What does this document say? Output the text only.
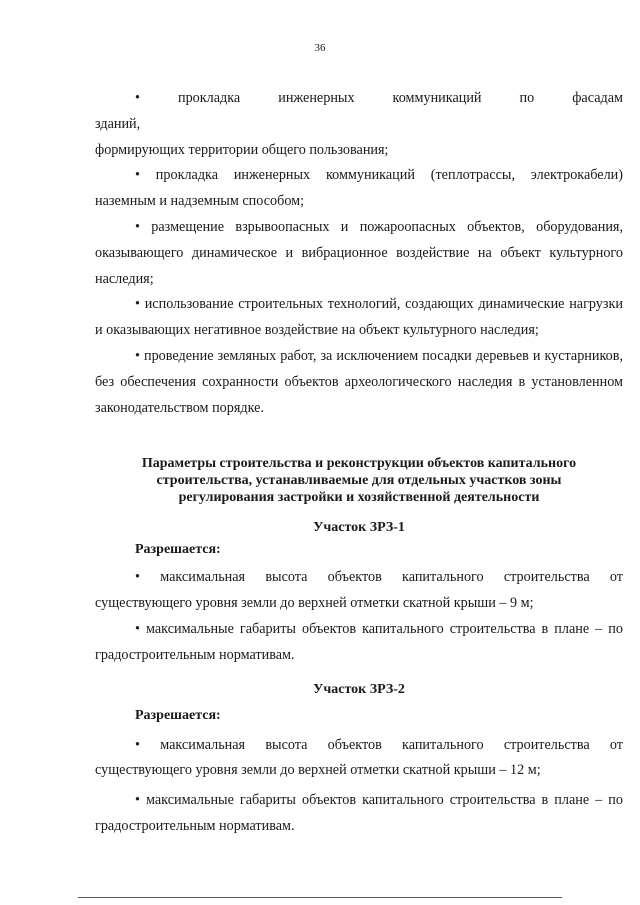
36

• прокладка инженерных коммуникаций по фасадам зданий,

формирующих территории общего пользования;

• прокладка инженерных коммуникаций (теплотрассы, электрокабели)

наземным и надземным способом;

• размещение взрывоопасных и пожароопасных объектов, оборудования, оказывающего динамическое и вибрационное воздействие на объект культурного наследия;

• использование строительных технологий, создающих динамические нагрузки и оказывающих негативное воздействие на объект культурного наследия;

• проведение земляных работ, за исключением посадки деревьев и кустарников, без обеспечения сохранности объектов археологического наследия в установленном законодательством порядке.

Параметры строительства и реконструкции объектов капитального

строительства, устанавливаемые для отдельных участков зоны

регулирования застройки и хозяйственной деятельности

Участок ЗРЗ-1

Разрешается:

• максимальная высота объектов капитального строительства от существующего уровня земли до верхней отметки скатной крыши – 9 м;

• максимальные габариты объектов капитального строительства в плане – по градостроительным нормативам.

Участок ЗРЗ-2

Разрешается:

• максимальная высота объектов капитального строительства от существующего уровня земли до верхней отметки скатной крыши – 12 м;

• максимальные габариты объектов капитального строительства в плане – по градостроительным нормативам.
